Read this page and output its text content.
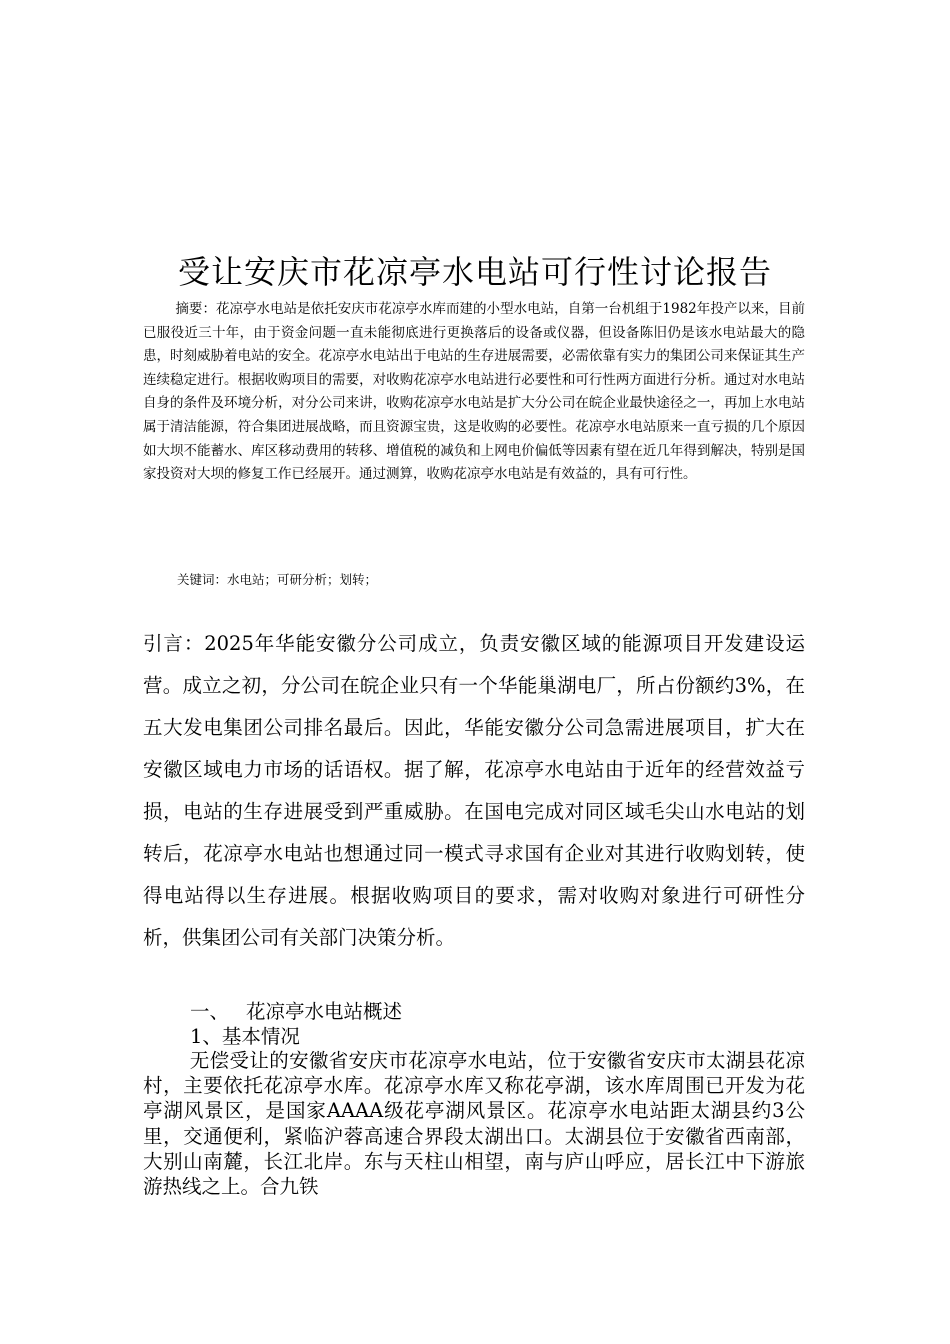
受让安庆市花凉亭水电站可行性讨论报告

摘要：花凉亭水电站是依托安庆市花凉亭水库而建的小型水电站，自第一台机组于1982年投产以来，目前已服役近三十年，由于资金问题一直未能彻底进行更换落后的设备或仪器，但设备陈旧仍是该水电站最大的隐患，时刻威胁着电站的安全。花凉亭水电站出于电站的生存进展需要，必需依靠有实力的集团公司来保证其生产连续稳定进行。根据收购项目的需要，对收购花凉亭水电站进行必要性和可行性两方面进行分析。通过对水电站自身的条件及环境分析，对分公司来讲，收购花凉亭水电站是扩大分公司在皖企业最快途径之一，再加上水电站属于清洁能源，符合集团进展战略，而且资源宝贵，这是收购的必要性。花凉亭水电站原来一直亏损的几个原因如大坝不能蓄水、库区移动费用的转移、增值税的减负和上网电价偏低等因素有望在近几年得到解决，特别是国家投资对大坝的修复工作已经展开。通过测算，收购花凉亭水电站是有效益的，具有可行性。

关键词：水电站；可研分析；划转；

引言：2025年华能安徽分公司成立，负责安徽区域的能源项目开发建设运营。成立之初，分公司在皖企业只有一个华能巢湖电厂，所占份额约3%，在五大发电集团公司排名最后。因此，华能安徽分公司急需进展项目，扩大在安徽区域电力市场的话语权。据了解，花凉亭水电站由于近年的经营效益亏损，电站的生存进展受到严重威胁。在国电完成对同区域毛尖山水电站的划转后，花凉亭水电站也想通过同一模式寻求国有企业对其进行收购划转，使得电站得以生存进展。根据收购项目的要求，需对收购对象进行可研性分析，供集团公司有关部门决策分析。

一、 花凉亭水电站概述

1、基本情况

无偿受让的安徽省安庆市花凉亭水电站，位于安徽省安庆市太湖县花凉村，主要依托花凉亭水库。花凉亭水库又称花亭湖，该水库周围已开发为花亭湖风景区，是国家AAAA级花亭湖风景区。花凉亭水电站距太湖县约3公里，交通便利，紧临沪蓉高速合界段太湖出口。太湖县位于安徽省西南部，大别山南麓，长江北岸。东与天柱山相望，南与庐山呼应，居长江中下游旅游热线之上。合九铁
